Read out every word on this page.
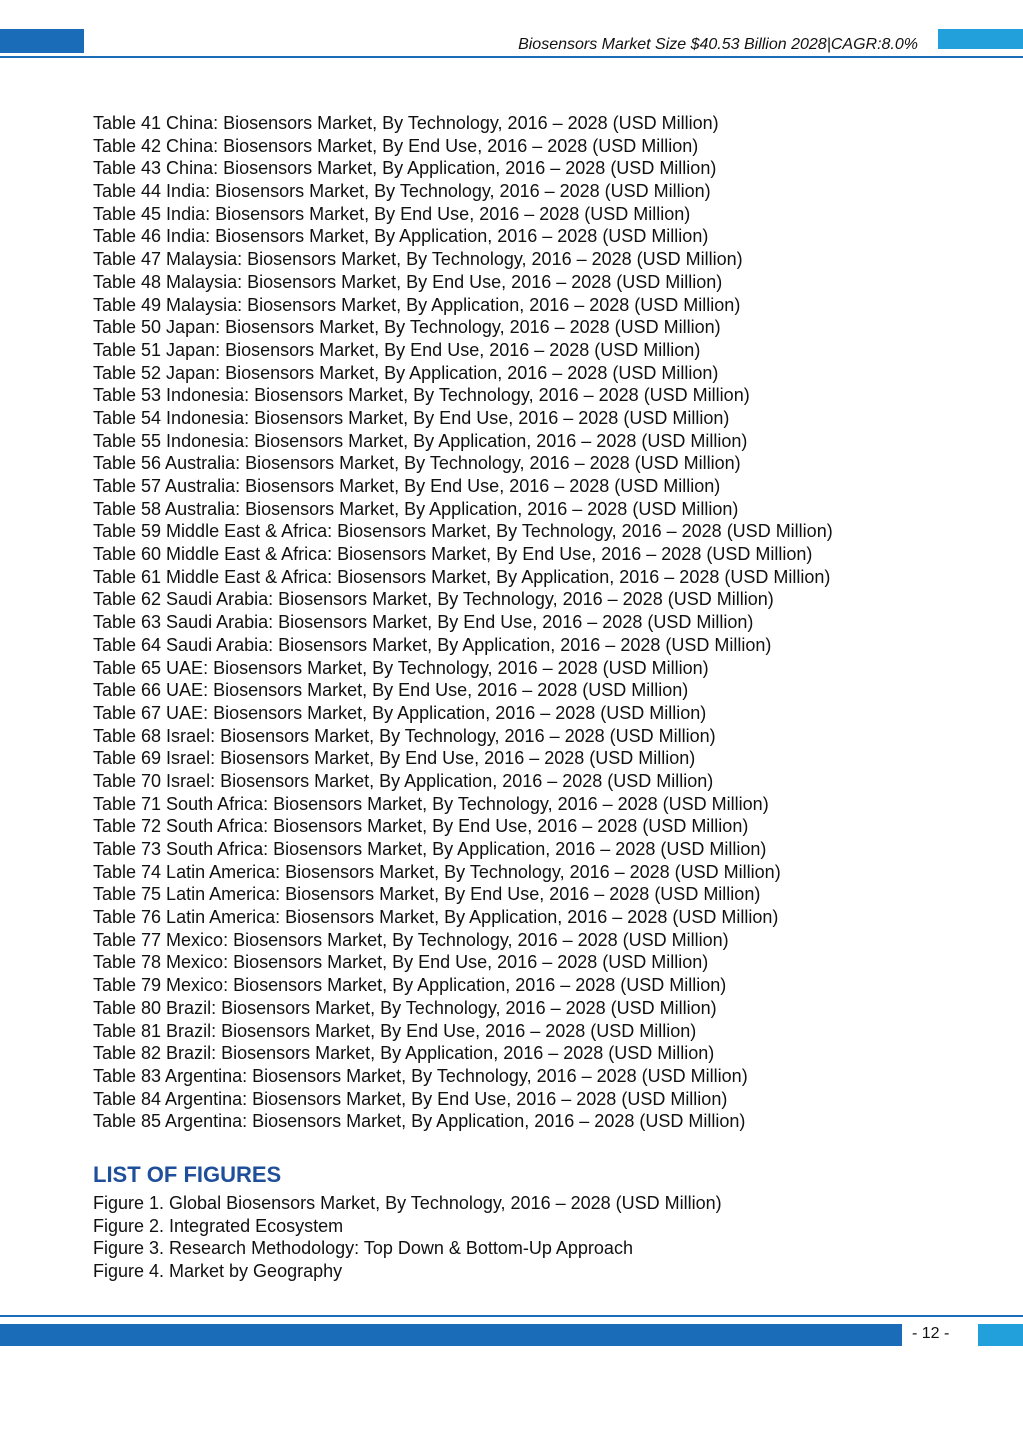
Biosensors Market Size $40.53 Billion 2028|CAGR:8.0%
Table 41 China: Biosensors Market, By Technology, 2016 – 2028 (USD Million)
Table 42 China: Biosensors Market, By End Use, 2016 – 2028 (USD Million)
Table 43 China: Biosensors Market, By Application, 2016 – 2028 (USD Million)
Table 44 India: Biosensors Market, By Technology, 2016 – 2028 (USD Million)
Table 45 India: Biosensors Market, By End Use, 2016 – 2028 (USD Million)
Table 46 India: Biosensors Market, By Application, 2016 – 2028 (USD Million)
Table 47 Malaysia: Biosensors Market, By Technology, 2016 – 2028 (USD Million)
Table 48 Malaysia: Biosensors Market, By End Use, 2016 – 2028 (USD Million)
Table 49 Malaysia: Biosensors Market, By Application, 2016 – 2028 (USD Million)
Table 50 Japan: Biosensors Market, By Technology, 2016 – 2028 (USD Million)
Table 51 Japan: Biosensors Market, By End Use, 2016 – 2028 (USD Million)
Table 52 Japan: Biosensors Market, By Application, 2016 – 2028 (USD Million)
Table 53 Indonesia: Biosensors Market, By Technology, 2016 – 2028 (USD Million)
Table 54 Indonesia: Biosensors Market, By End Use, 2016 – 2028 (USD Million)
Table 55 Indonesia: Biosensors Market, By Application, 2016 – 2028 (USD Million)
Table 56 Australia: Biosensors Market, By Technology, 2016 – 2028 (USD Million)
Table 57 Australia: Biosensors Market, By End Use, 2016 – 2028 (USD Million)
Table 58 Australia: Biosensors Market, By Application, 2016 – 2028 (USD Million)
Table 59 Middle East & Africa: Biosensors Market, By Technology, 2016 – 2028 (USD Million)
Table 60 Middle East & Africa: Biosensors Market, By End Use, 2016 – 2028 (USD Million)
Table 61 Middle East & Africa: Biosensors Market, By Application, 2016 – 2028 (USD Million)
Table 62 Saudi Arabia: Biosensors Market, By Technology, 2016 – 2028 (USD Million)
Table 63 Saudi Arabia: Biosensors Market, By End Use, 2016 – 2028 (USD Million)
Table 64 Saudi Arabia: Biosensors Market, By Application, 2016 – 2028 (USD Million)
Table 65 UAE: Biosensors Market, By Technology, 2016 – 2028 (USD Million)
Table 66 UAE: Biosensors Market, By End Use, 2016 – 2028 (USD Million)
Table 67 UAE: Biosensors Market, By Application, 2016 – 2028 (USD Million)
Table 68 Israel: Biosensors Market, By Technology, 2016 – 2028 (USD Million)
Table 69 Israel: Biosensors Market, By End Use, 2016 – 2028 (USD Million)
Table 70 Israel: Biosensors Market, By Application, 2016 – 2028 (USD Million)
Table 71 South Africa: Biosensors Market, By Technology, 2016 – 2028 (USD Million)
Table 72 South Africa: Biosensors Market, By End Use, 2016 – 2028 (USD Million)
Table 73 South Africa: Biosensors Market, By Application, 2016 – 2028 (USD Million)
Table 74 Latin America: Biosensors Market, By Technology, 2016 – 2028 (USD Million)
Table 75 Latin America: Biosensors Market, By End Use, 2016 – 2028 (USD Million)
Table 76 Latin America: Biosensors Market, By Application, 2016 – 2028 (USD Million)
Table 77 Mexico: Biosensors Market, By Technology, 2016 – 2028 (USD Million)
Table 78 Mexico: Biosensors Market, By End Use, 2016 – 2028 (USD Million)
Table 79 Mexico: Biosensors Market, By Application, 2016 – 2028 (USD Million)
Table 80 Brazil: Biosensors Market, By Technology, 2016 – 2028 (USD Million)
Table 81 Brazil: Biosensors Market, By End Use, 2016 – 2028 (USD Million)
Table 82 Brazil: Biosensors Market, By Application, 2016 – 2028 (USD Million)
Table 83 Argentina: Biosensors Market, By Technology, 2016 – 2028 (USD Million)
Table 84 Argentina: Biosensors Market, By End Use, 2016 – 2028 (USD Million)
Table 85 Argentina: Biosensors Market, By Application, 2016 – 2028 (USD Million)
LIST OF FIGURES
Figure 1. Global Biosensors Market, By Technology, 2016 – 2028 (USD Million)
Figure 2. Integrated Ecosystem
Figure 3. Research Methodology: Top Down & Bottom-Up Approach
Figure 4. Market by Geography
- 12 -
